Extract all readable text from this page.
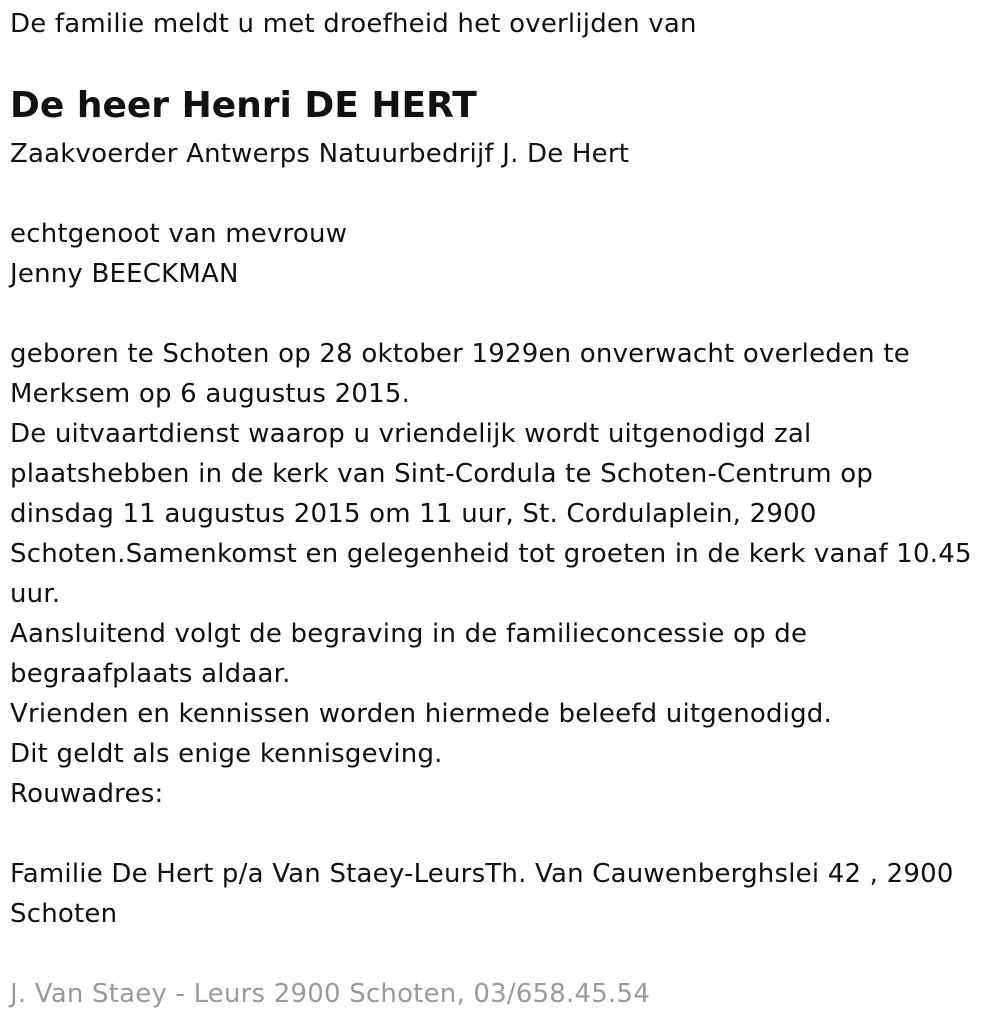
De familie meldt u met droefheid het overlijden van
De heer Henri DE HERT
Zaakvoerder Antwerps Natuurbedrijf J. De Hert
echtgenoot van mevrouw
Jenny BEECKMAN
geboren te Schoten op 28 oktober 1929en onverwacht overleden te
Merksem op 6 augustus 2015.
De uitvaartdienst waarop u vriendelijk wordt uitgenodigd zal
plaatshebben in de kerk van Sint-Cordula te Schoten-Centrum op
dinsdag 11 augustus 2015 om 11 uur, St. Cordulaplein, 2900
Schoten.Samenkomst en gelegenheid tot groeten in de kerk vanaf 10.45
uur.
Aansluitend volgt de begraving in de familieconcessie op de
begraafplaats aldaar.
Vrienden en kennissen worden hiermede beleefd uitgenodigd.
Dit geldt als enige kennisgeving.
Rouwadres:
Familie De Hert p/a Van Staey-LeursTh. Van Cauwenberghslei 42 , 2900
Schoten
J. Van Staey - Leurs 2900 Schoten, 03/658.45.54
